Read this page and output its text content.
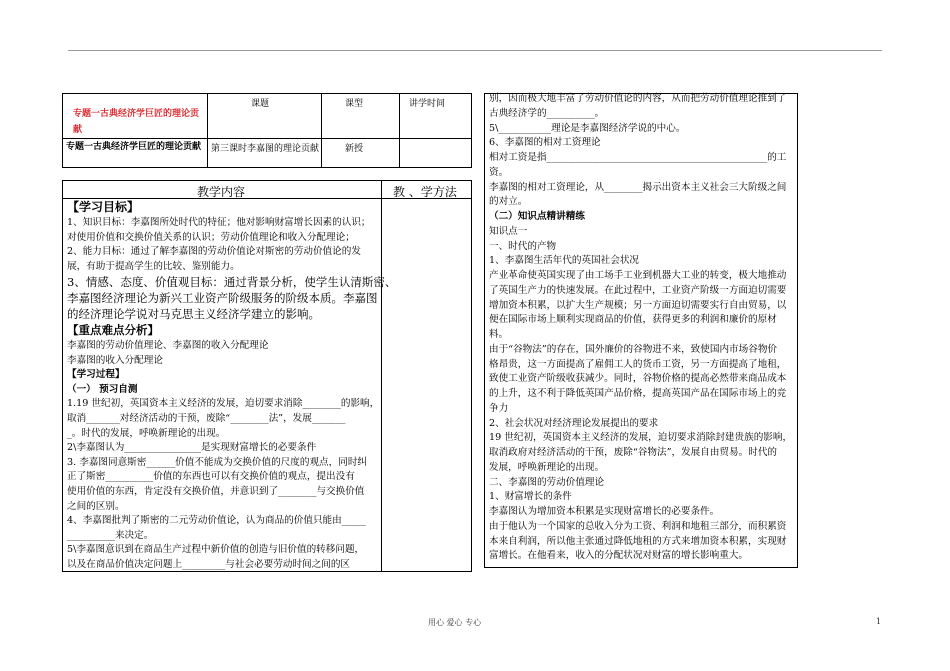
专题一古典经济学巨匠的理论贡献
课题	课型	讲学时间
专题一古典经济学巨匠的理论贡献	第三课时李嘉图的理论贡献	新授
教学内容	教 、学方法
【学习目标】
1、知识目标：李嘉图所处时代的特征；他对影响财富增长因素的认识；
对使用价值和交换价值关系的认识；劳动价值理论和收入分配理论；
2、能力目标：通过了解李嘉图的劳动价值论对斯密的劳动价值论的发
展，有助于提高学生的比较、鉴别能力。
3、情感、态度、价值观目标：通过背景分析，使学生认清斯密、
李嘉图经济理论为新兴工业资产阶级服务的阶级本质。李嘉图
的经济理论学说对马克思主义经济学建立的影响。
【重点难点分析】
李嘉图的劳动价值理论、李嘉图的收入分配理论
李嘉图的收入分配理论
【学习过程】
（一） 预习自测
1.19 世纪初，英国资本主义经济的发展，迫切要求消除________的影响，
取消_______对经济活动的干预，废除“________法”，发展_______
_。时代的发展，呼唤新理论的出现。
2\李嘉图认为________________是实现财富增长的必要条件
3. 李嘉图同意斯密______价值不能成为交换价值的尺度的观点，同时纠
正了斯密__________价值的东西也可以有交换价值的观点，提出没有
使用价值的东西，肯定没有交换价值，并意识到了________与交换价值
之间的区别。
4、李嘉图批判了斯密的二元劳动价值论，认为商品的价值只能由_____
__________来决定。
5\李嘉图意识到在商品生产过程中新价值的创造与旧价值的转移问题，
以及在商品价值决定问题上_________与社会必要劳动时间之间的区
别，因而极大地丰富了劳动价值论的内容，从而把劳动价值理论推到了
古典经济学的__________。
5\___________理论是李嘉图经济学说的中心。
6、李嘉图的相对工资理论
相对工资是指______________________________________________的工
资。
李嘉图的相对工资理论，从________揭示出资本主义社会三大阶级之间
的对立。
（二）知识点精讲精练
知识点一
一、时代的产物
1、李嘉图生活年代的英国社会状况
产业革命使英国实现了由工场手工业到机器大工业的转变，极大地推动
了英国生产力的快速发展。在此过程中，工业资产阶级一方面迫切需要
增加资本积累，以扩大生产规模；另一方面迫切需要实行自由贸易，以
便在国际市场上顺利实现商品的价值，获得更多的利润和廉价的原材
料。
由于“谷物法”的存在，国外廉价的谷物进不来，致使国内市场谷物价
格昂贵，这一方面提高了雇佣工人的货币工资，另一方面提高了地租，
致使工业资产阶级收获减少。同时，谷物价格的提高必然带来商品成本
的上升，这不利于降低英国产品价格，提高英国产品在国际市场上的竞
争力
2、社会状况对经济理论发展提出的要求
19 世纪初，英国资本主义经济的发展，迫切要求消除封建贵族的影响，
取消政府对经济活动的干预，废除“谷物法”，发展自由贸易。时代的
发展，呼唤新理论的出现。
二、李嘉图的劳动价值理论
1、财富增长的条件
李嘉图认为增加资本积累是实现财富增长的必要条件。
由于他认为一个国家的总收入分为工资、利润和地租三部分，而积累资
本来自利润，所以他主张通过降低地租的方式来增加资本积累，实现财
富增长。在他看来，收入的分配状况对财富的增长影响重大。
用心 爱心 专心	1
